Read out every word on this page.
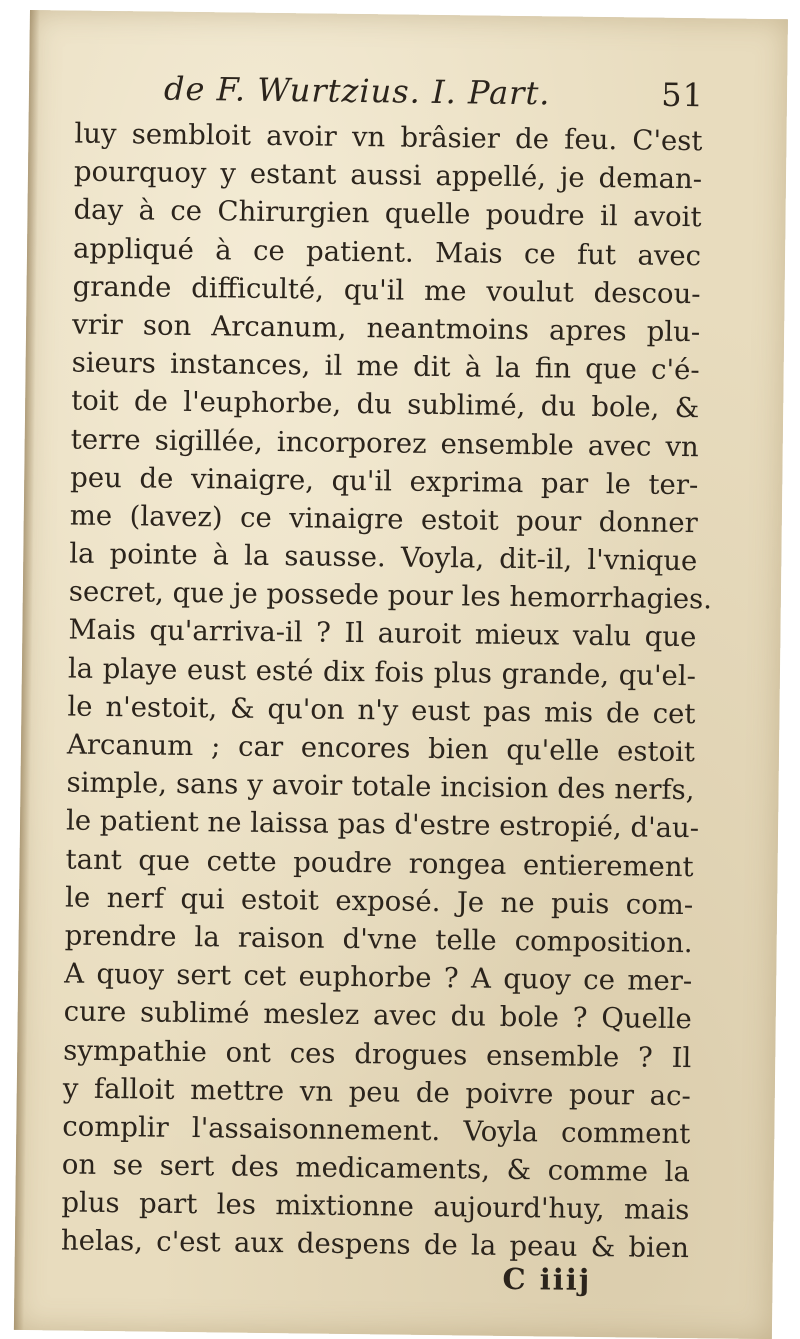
de F. Wurtzius. I. Part.	51
luy sembloit avoir vn brâsier de feu. C'est
pourquoy y estant aussi appellé, je deman-
day à ce Chirurgien quelle poudre il avoit
appliqué à ce patient. Mais ce fut avec
grande difficulté, qu'il me voulut descou-
vrir son Arcanum, neantmoins apres plu-
sieurs instances, il me dit à la fin que c'é-
toit de l'euphorbe, du sublimé, du bole, &
terre sigillée, incorporez ensemble avec vn
peu de vinaigre, qu'il exprima par le ter-
me (lavez) ce vinaigre estoit pour donner
la pointe à la sausse. Voyla, dit-il, l'vnique
secret, que je possede pour les hemorrhagies.
Mais qu'arriva-il ? Il auroit mieux valu que
la playe eust esté dix fois plus grande, qu'el-
le n'estoit, & qu'on n'y eust pas mis de cet
Arcanum ; car encores bien qu'elle estoit
simple, sans y avoir totale incision des nerfs,
le patient ne laissa pas d'estre estropié, d'au-
tant que cette poudre rongea entierement
le nerf qui estoit exposé. Je ne puis com-
prendre la raison d'vne telle composition.
A quoy sert cet euphorbe ? A quoy ce mer-
cure sublimé meslez avec du bole ? Quelle
sympathie ont ces drogues ensemble ? Il
y falloit mettre vn peu de poivre pour ac-
complir l'assaisonnement. Voyla comment
on se sert des medicaments, & comme la
plus part les mixtionne aujourd'huy, mais
helas, c'est aux despens de la peau & bien
C iiij
